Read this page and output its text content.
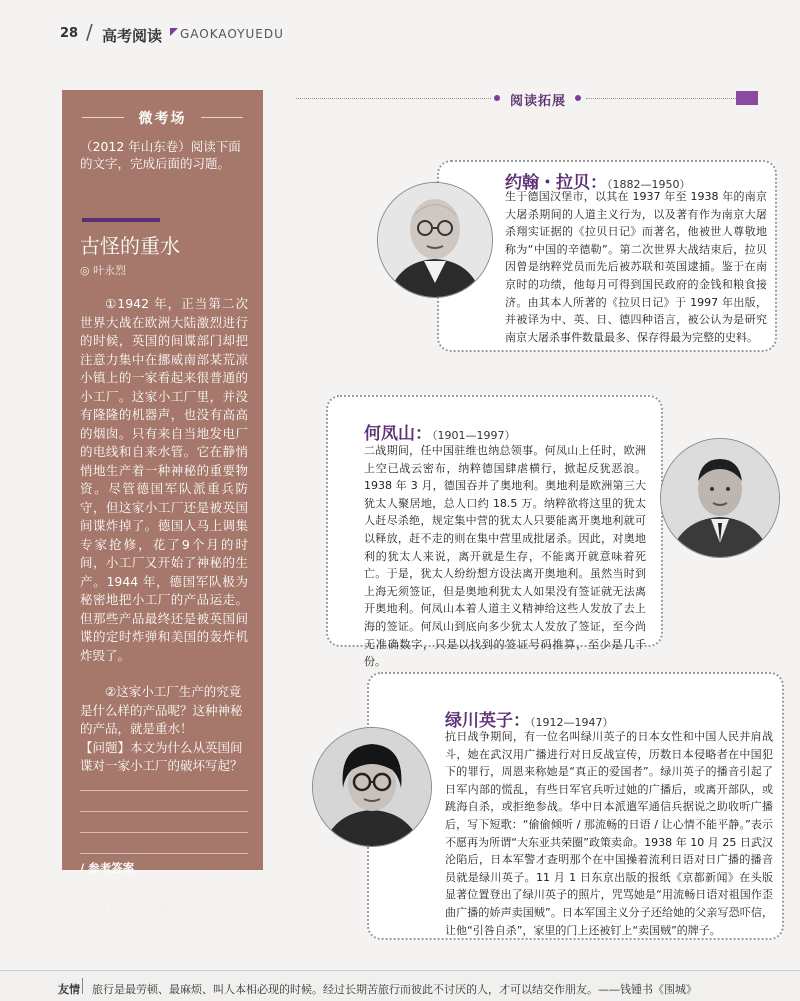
28 / 高考阅读 GAOKAOYUEDU
微考场
（2012 年山东卷）阅读下面的文字，完成后面的习题。
古怪的重水
◎ 叶永烈

①1942 年，正当第二次世界大战在欧洲大陆激烈进行的时候，英国的间谍部门却把注意力集中在挪威南部某荒凉小镇上的一家看起来很普通的小工厂。这家小工厂里，并没有隆隆的机器声，也没有高高的烟囱。只有来自当地发电厂的电线和自来水管。它在静悄悄地生产着一种神秘的重要物资。尽管德国军队派重兵防守，但这家小工厂还是被英国间谍炸掉了。德国人马上调集专家抢修，花了9个月的时间，小工厂又开始了神秘的生产。1944 年，德国军队极为秘密地把小工厂的产品运走。但那些产品最终还是被英国间谍的定时炸弹和美国的轰炸机炸毁了。

②这家小工厂生产的究竟是什么样的产品呢？这种神秘的产品，就是重水！
【问题】本文为什么从英国间谍对一家小工厂的破坏写起？
/ 参考答案
①引出文章说明的中心对象——重水；②突出表现小工厂所生产的产品的重要性；③构成悬念，激起读者的好奇心，增强文章的趣味性。
阅读拓展
约翰・拉贝：（1882—1950）
生于德国汉堡市，以其在 1937 年至 1938 年的南京大屠杀期间的人道主义行为，以及著有作为南京大屠杀翔实证据的《拉贝日记》而著名，他被世人尊敬地称为“中国的辛德勒”。第二次世界大战结束后，拉贝因曾是纳粹党员而先后被苏联和英国逮捕。鉴于在南京时的功绩，他每月可得到国民政府的金钱和粮食接济。由其本人所著的《拉贝日记》于 1997 年出版，并被译为中、英、日、德四种语言，被公认为是研究南京大屠杀事件数量最多、保存得最为完整的史料。
何凤山：（1901—1997）
二战期间，任中国驻维也纳总领事。何凤山上任时，欧洲上空已战云密布，纳粹德国肆虐横行，掀起反犹恶浪。1938 年 3 月，德国吞并了奥地利。奥地利是欧洲第三大犹太人聚居地，总人口约 18.5 万。纳粹欲将这里的犹太人赶尽杀绝，规定集中营的犹太人只要能离开奥地利就可以释放，赶不走的则在集中营里成批屠杀。因此，对奥地利的犹太人来说，离开就是生存，不能离开就意味着死亡。于是，犹太人纷纷想方设法离开奥地利。虽然当时到上海无须签证，但是奥地利犹太人如果没有签证就无法离开奥地利。何凤山本着人道主义精神给这些人发放了去上海的签证。何凤山到底向多少犹太人发放了签证，至今尚无准确数字，只是以找到的签证号码推算，至少是几千份。
绿川英子：（1912—1947）
抗日战争期间，有一位名叫绿川英子的日本女性和中国人民并肩战斗，她在武汉用广播进行对日反战宣传，历数日本侵略者在中国犯下的罪行，周恩来称她是“真正的爱国者”。绿川英子的播音引起了日军内部的慌乱，有些日军官兵听过她的广播后，或离开部队，或跳海自杀，或拒绝参战。华中日本派遣军通信兵据说之助收听广播后，写下短歌：“偷偷倾听 / 那流畅的日语 / 让心情不能平静。”表示不愿再为所谓“大东亚共荣圈”政策卖命。1938 年 10 月 25 日武汉沦陷后，日本军警才查明那个在中国操着流利日语对日广播的播音员就是绿川英子。11 月 1 日东京出版的报纸《京都新闻》在头版显著位置登出了绿川英子的照片，咒骂她是“用流畅日语对祖国作歪曲广播的娇声卖国贼”。日本军国主义分子还给她的父亲写恐吓信，让他“引咎自杀”，家里的门上还被钉上“卖国贼”的牌子。
友情 旅行是最劳顿、最麻烦、叫人本相必现的时候。经过长期苦旅行而彼此不讨厌的人，才可以结交作朋友。——钱锺书《围城》
